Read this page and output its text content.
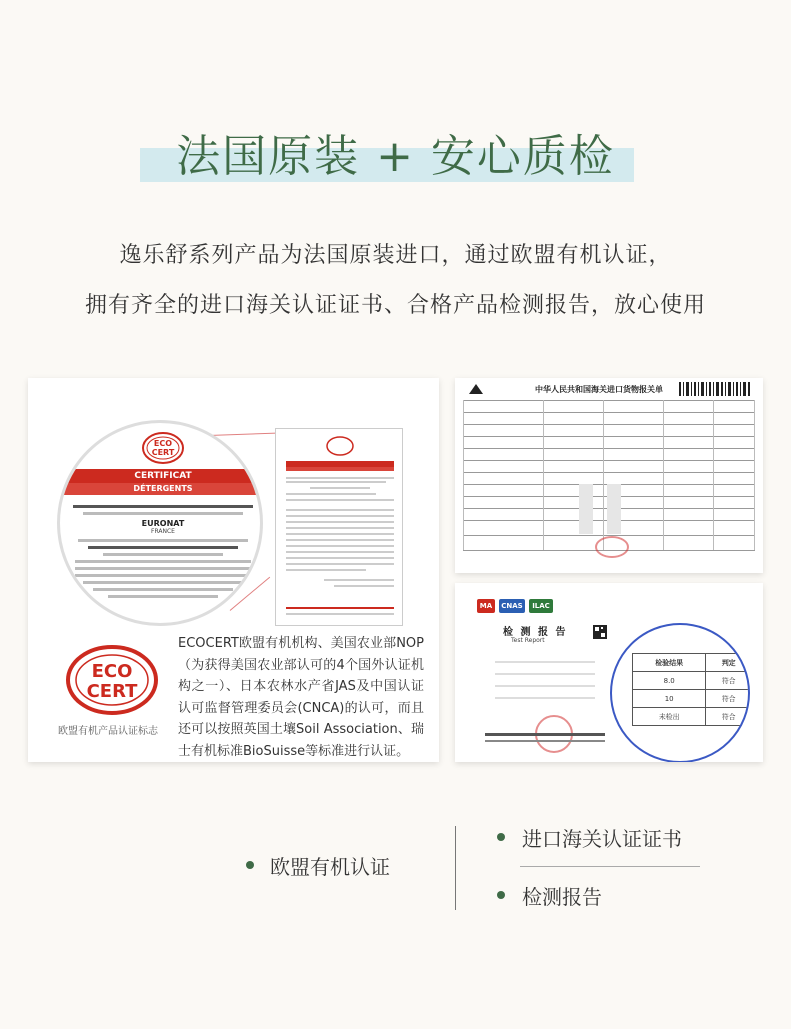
法国原装 + 安心质检
逸乐舒系列产品为法国原装进口，通过欧盟有机认证，
拥有齐全的进口海关认证证书、合格产品检测报告，放心使用
ECO
CERT
CERTIFICAT
DÉTERGENTS
EURONAT
FRANCE
ECO
CERT
欧盟有机产品认证标志
ECOCERT欧盟有机机构、美国农业部NOP（为获得美国农业部认可的4个国外认证机构之一）、日本农林水产省JAS及中国认证认可监督管理委员会(CNCA)的认可，而且还可以按照英国土壤Soil Association、瑞士有机标准BioSuisse等标准进行认证。
中华人民共和国海关进口货物报关单
MA	CNAS	ILAC
检 测 报 告
Test Report
检验结果	判定
8.0	符合
10	符合
未检出	符合
欧盟有机认证
进口海关认证证书
检测报告
